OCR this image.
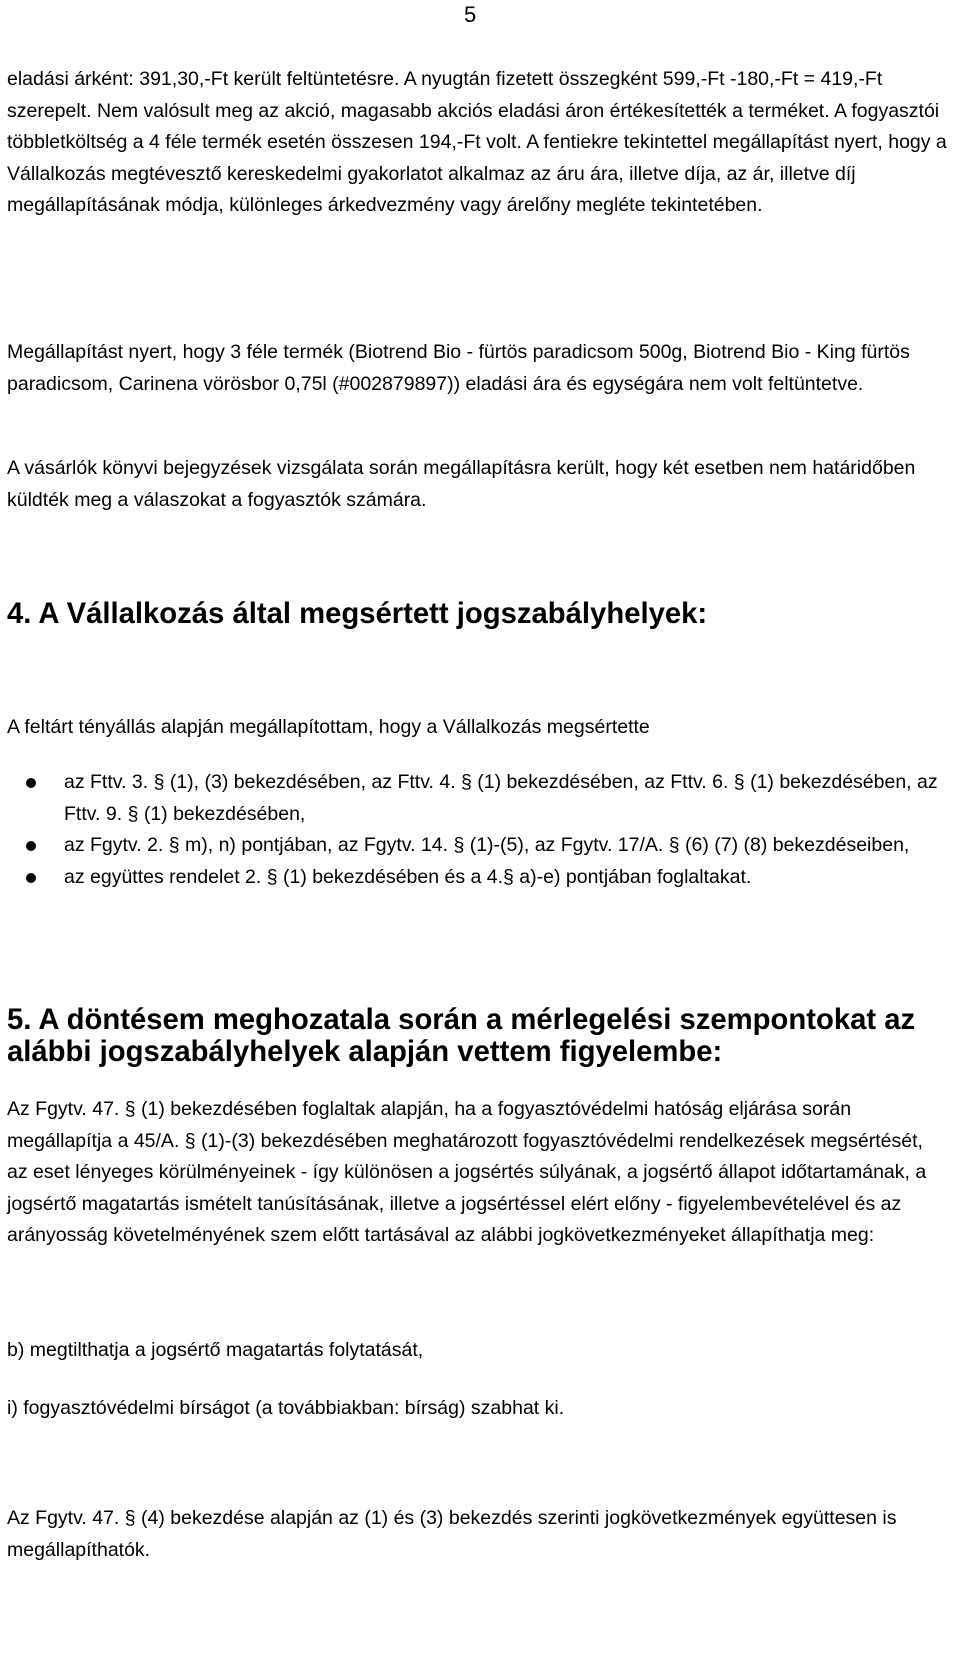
5

eladási árként: 391,30,-Ft került feltüntetésre. A nyugtán fizetett összegként 599,-Ft -180,-Ft = 419,-Ft szerepelt. Nem valósult meg az akció, magasabb akciós eladási áron értékesítették a terméket. A fogyasztói többletköltség a 4 féle termék esetén összesen 194,-Ft volt. A fentiekre tekintettel megállapítást nyert, hogy a Vállalkozás megtévesztő kereskedelmi gyakorlatot alkalmaz az áru ára, illetve díja, az ár, illetve díj megállapításának módja, különleges árkedvezmény vagy árelőny megléte tekintetében.

Megállapítást nyert, hogy 3 féle termék (Biotrend Bio - fürtös paradicsom 500g, Biotrend Bio - King fürtös paradicsom, Carinena vörösbor 0,75l (#002879897)) eladási ára és egységára nem volt feltüntetve.

A vásárlók könyvi bejegyzések vizsgálata során megállapításra került, hogy két esetben nem határidőben küldték meg a válaszokat a fogyasztók számára.

4. A Vállalkozás által megsértett jogszabályhelyek:

A feltárt tényállás alapján megállapítottam, hogy a Vállalkozás megsértette

az Fttv. 3. § (1), (3) bekezdésében, az Fttv. 4. § (1) bekezdésében, az Fttv. 6. § (1) bekezdésében, az Fttv. 9. § (1) bekezdésében,
az Fgytv. 2. § m), n) pontjában, az Fgytv. 14. § (1)-(5), az Fgytv. 17/A. § (6) (7) (8) bekezdéseiben,
az együttes rendelet 2. § (1) bekezdésében és a 4.§ a)-e) pontjában foglaltakat.
5. A döntésem meghozatala során a mérlegelési szempontokat az alábbi jogszabályhelyek alapján vettem figyelembe:

Az Fgytv. 47. § (1) bekezdésében foglaltak alapján, ha a fogyasztóvédelmi hatóság eljárása során megállapítja a 45/A. § (1)-(3) bekezdésében meghatározott fogyasztóvédelmi rendelkezések megsértését, az eset lényeges körülményeinek - így különösen a jogsértés súlyának, a jogsértő állapot időtartamának, a jogsértő magatartás ismételt tanúsításának, illetve a jogsértéssel elért előny - figyelembevételével és az arányosság követelményének szem előtt tartásával az alábbi jogkövetkezményeket állapíthatja meg:

b) megtilthatja a jogsértő magatartás folytatását,

i) fogyasztóvédelmi bírságot (a továbbiakban: bírság) szabhat ki.

Az Fgytv. 47. § (4) bekezdése alapján az (1) és (3) bekezdés szerinti jogkövetkezmények együttesen is megállapíthatók.
